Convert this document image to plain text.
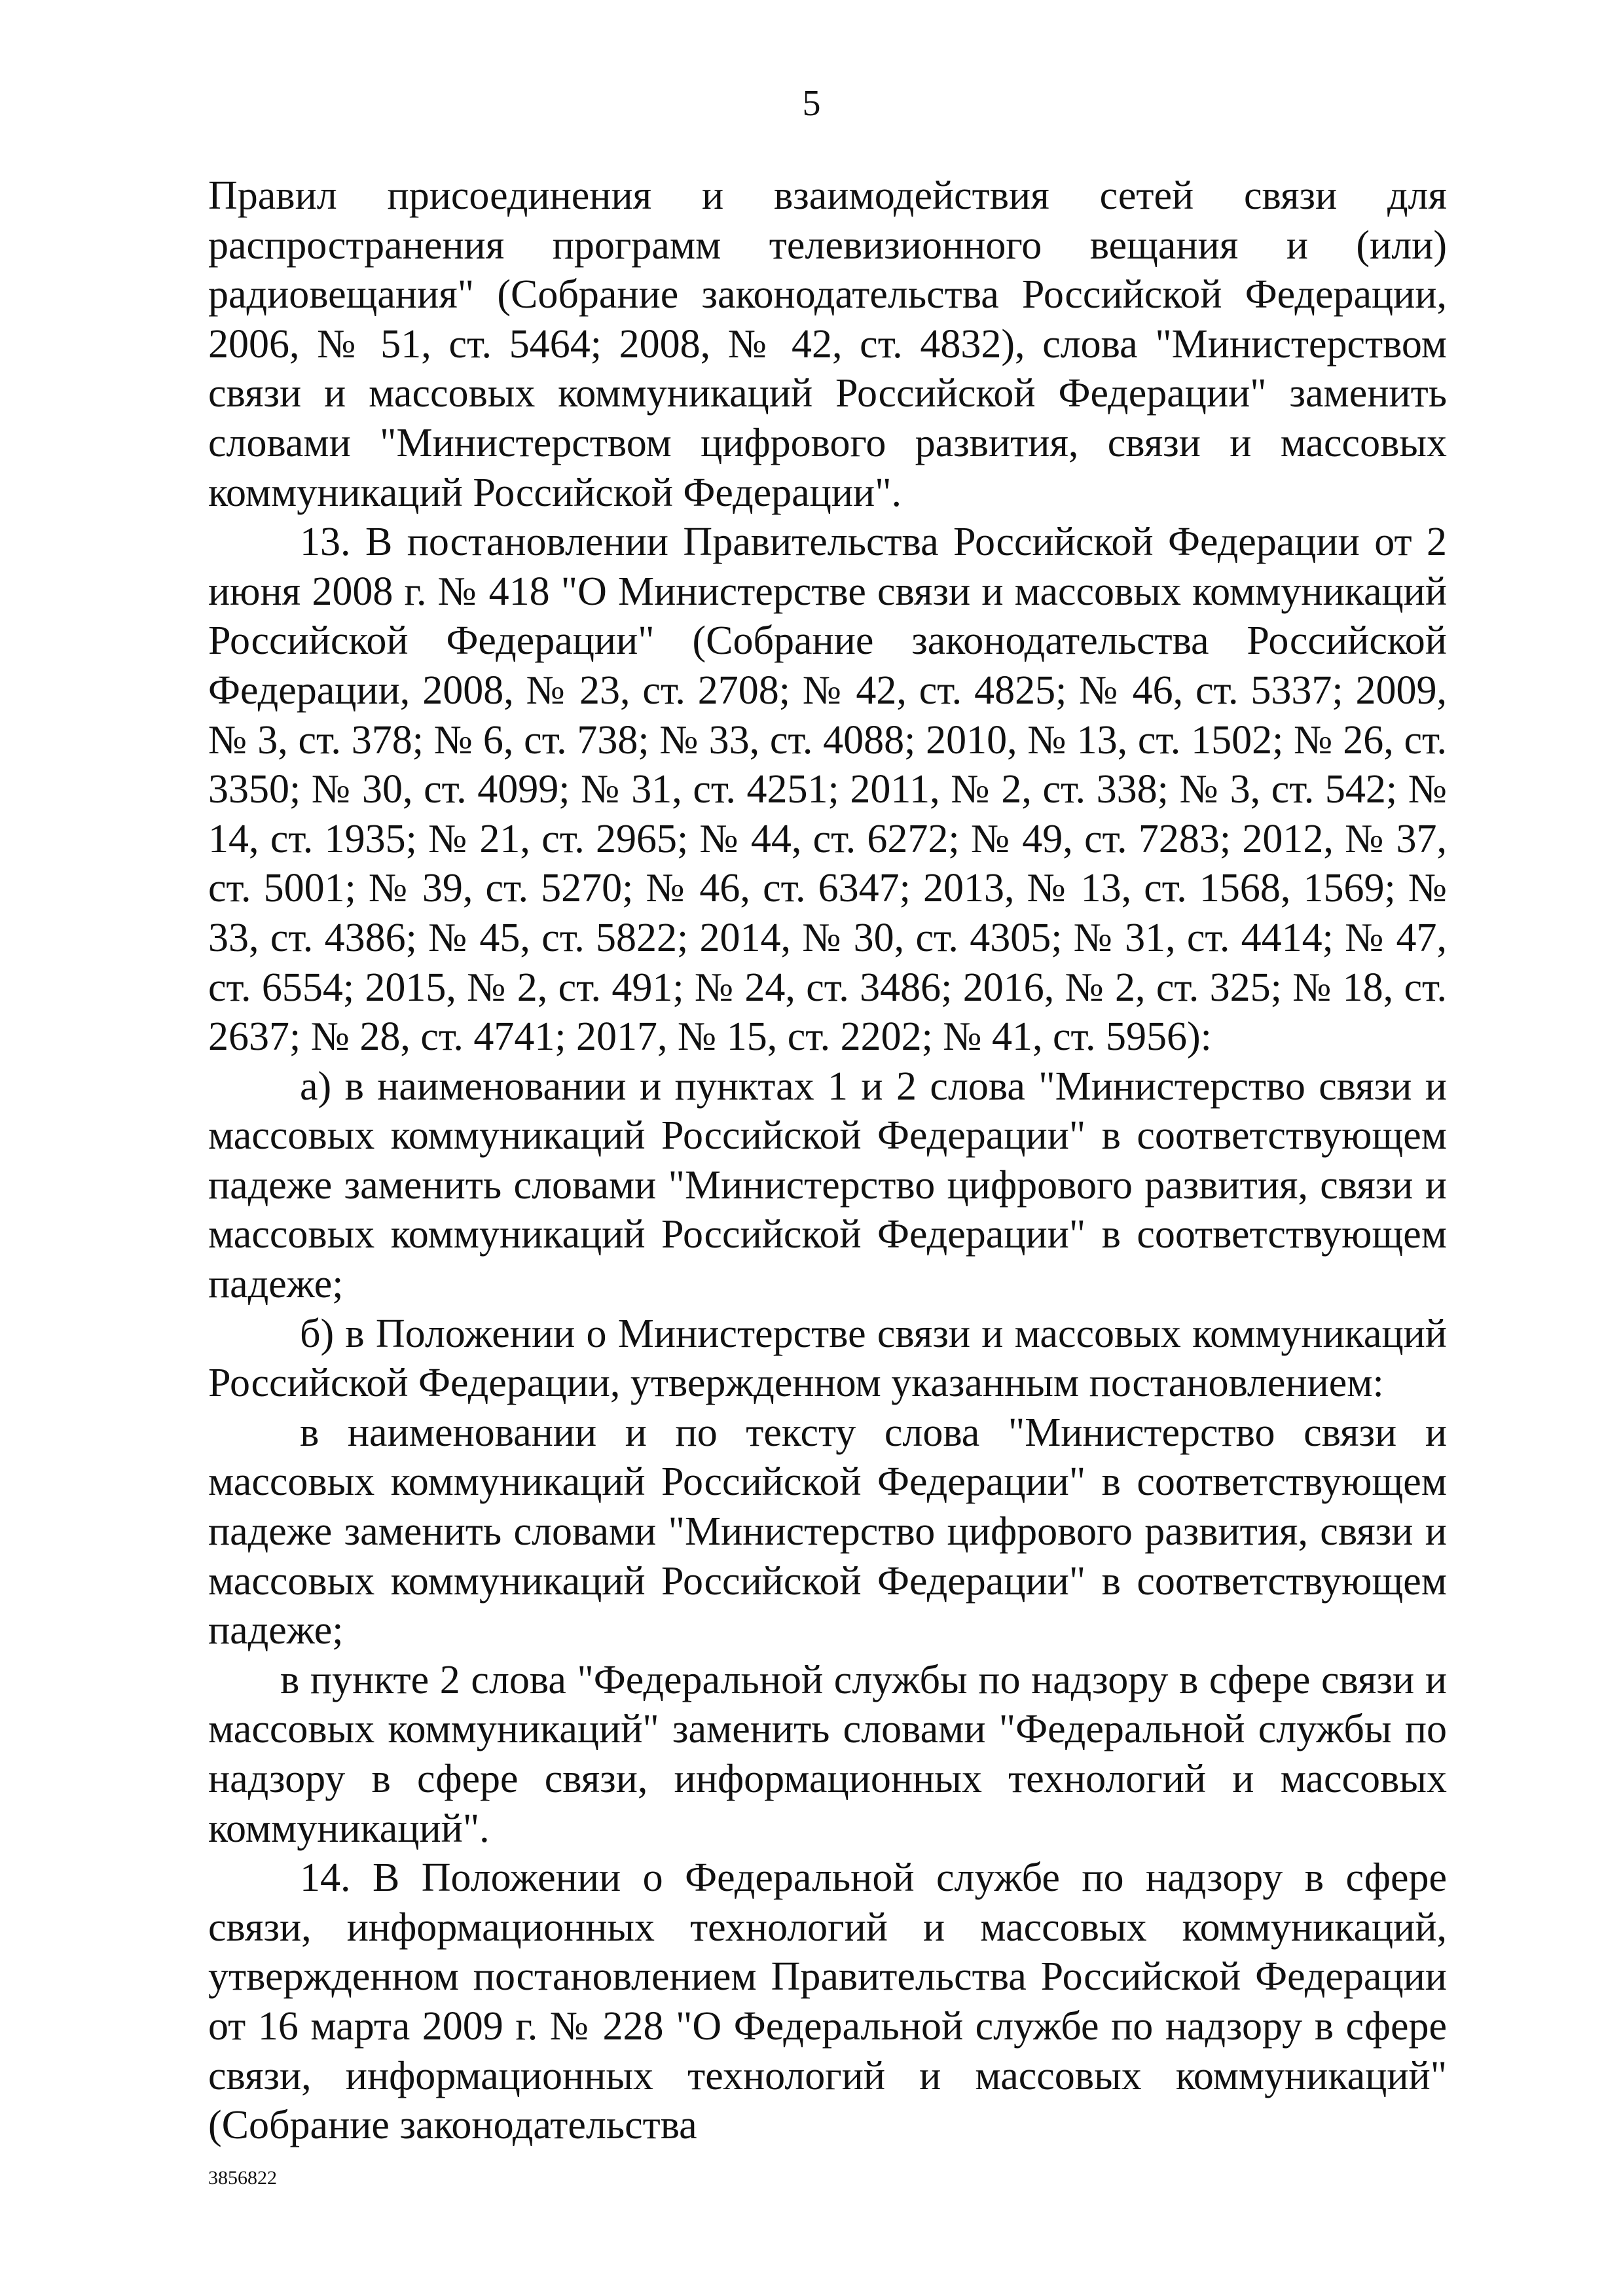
5

Правил присоединения и взаимодействия сетей связи для распространения программ телевизионного вещания и (или) радиовещания" (Собрание законодательства Российской Федерации, 2006, № 51, ст. 5464; 2008, № 42, ст. 4832), слова "Министерством связи и массовых коммуникаций Российской Федерации" заменить словами "Министерством цифрового развития, связи и массовых коммуникаций Российской Федерации".

13. В постановлении Правительства Российской Федерации от 2 июня 2008 г. № 418 "О Министерстве связи и массовых коммуникаций Российской Федерации" (Собрание законодательства Российской Федерации, 2008, № 23, ст. 2708; № 42, ст. 4825; № 46, ст. 5337; 2009, № 3, ст. 378; № 6, ст. 738; № 33, ст. 4088; 2010, № 13, ст. 1502; № 26, ст. 3350; № 30, ст. 4099; № 31, ст. 4251; 2011, № 2, ст. 338; № 3, ст. 542; № 14, ст. 1935; № 21, ст. 2965; № 44, ст. 6272; № 49, ст. 7283; 2012, № 37, ст. 5001; № 39, ст. 5270; № 46, ст. 6347; 2013, № 13, ст. 1568, 1569; № 33, ст. 4386; № 45, ст. 5822; 2014, № 30, ст. 4305; № 31, ст. 4414; № 47, ст. 6554; 2015, № 2, ст. 491; № 24, ст. 3486; 2016, № 2, ст. 325; № 18, ст. 2637; № 28, ст. 4741; 2017, № 15, ст. 2202; № 41, ст. 5956):

а) в наименовании и пунктах 1 и 2 слова "Министерство связи и массовых коммуникаций Российской Федерации" в соответствующем падеже заменить словами "Министерство цифрового развития, связи и массовых коммуникаций Российской Федерации" в соответствующем падеже;

б) в Положении о Министерстве связи и массовых коммуникаций Российской Федерации, утвержденном указанным постановлением:

в наименовании и по тексту слова "Министерство связи и массовых коммуникаций Российской Федерации" в соответствующем падеже заменить словами "Министерство цифрового развития, связи и массовых коммуникаций Российской Федерации" в соответствующем падеже;

в пункте 2 слова "Федеральной службы по надзору в сфере связи и массовых коммуникаций" заменить словами "Федеральной службы по надзору в сфере связи, информационных технологий и массовых коммуникаций".

14. В Положении о Федеральной службе по надзору в сфере связи, информационных технологий и массовых коммуникаций, утвержденном постановлением Правительства Российской Федерации от 16 марта 2009 г. № 228 "О Федеральной службе по надзору в сфере связи, информационных технологий и массовых коммуникаций" (Собрание законодательства

3856822
